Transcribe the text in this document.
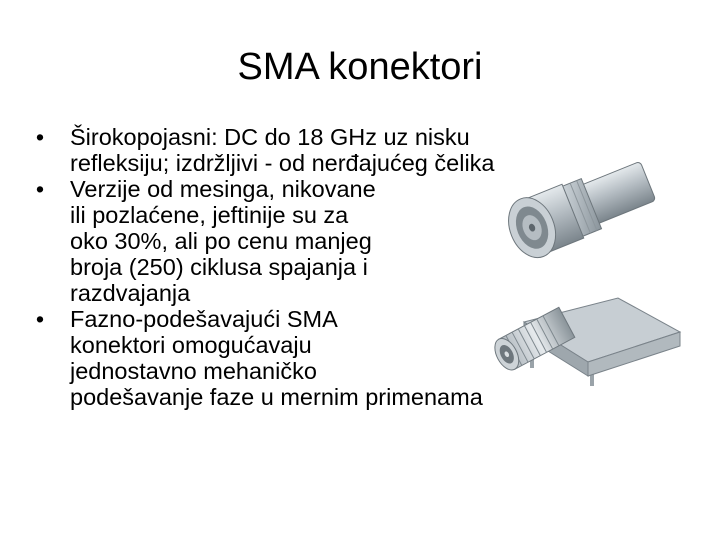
SMA konektori
• Širokopojasni: DC do 18 GHz uz nisku
refleksiju; izdržljivi - od nerđajućeg čelika
• Verzije od mesinga, nikovane
ili pozlaćene, jeftinije su za
oko 30%, ali po cenu manjeg
broja (250) ciklusa spajanja i
razdvajanja
• Fazno-podešavajući SMA
konektori omogućavaju
jednostavno mehaničko
podešavanje faze u mernim primenama
